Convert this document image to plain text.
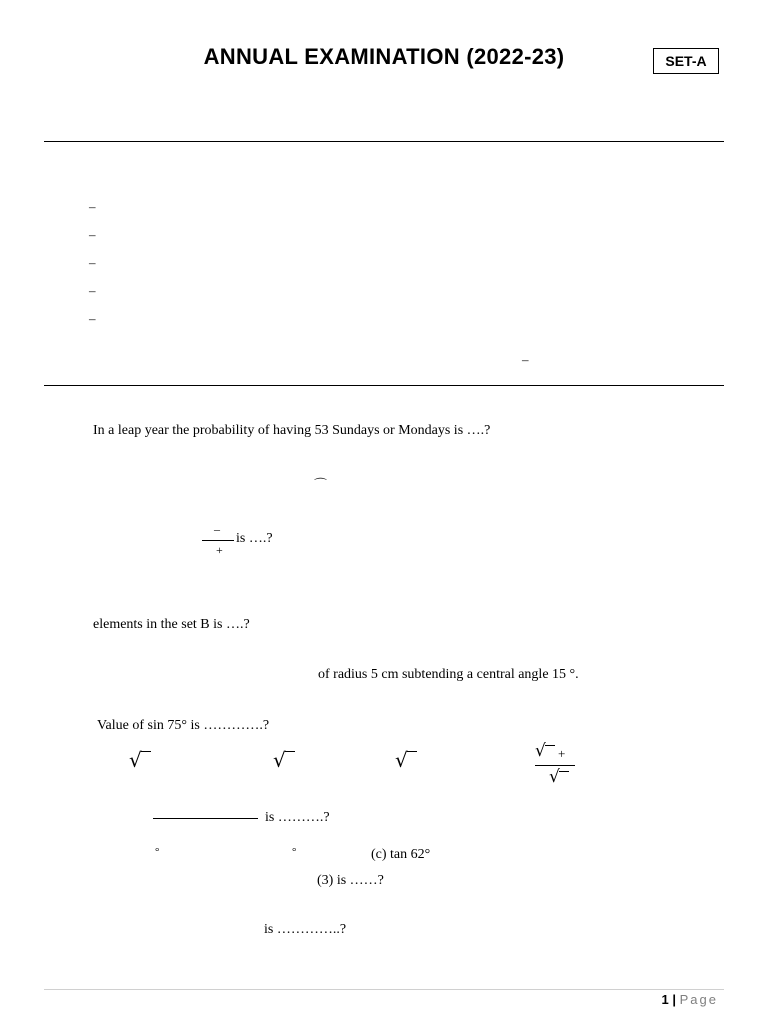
ANNUAL EXAMINATION (2022-23)	SET-A
–
–
–
–
–
–
In a leap year the probability of having 53 Sundays or Mondays is ….?
⌒
–
+
is ….?
elements in the set B is ….?
of radius 5 cm subtending a central angle 15 °.
Value of sin 75° is ………….?
√	√	√	√ +
√
is ……….?
°	°	(c) tan 62°
(3) is ……?
is …………..?
1 | Page
